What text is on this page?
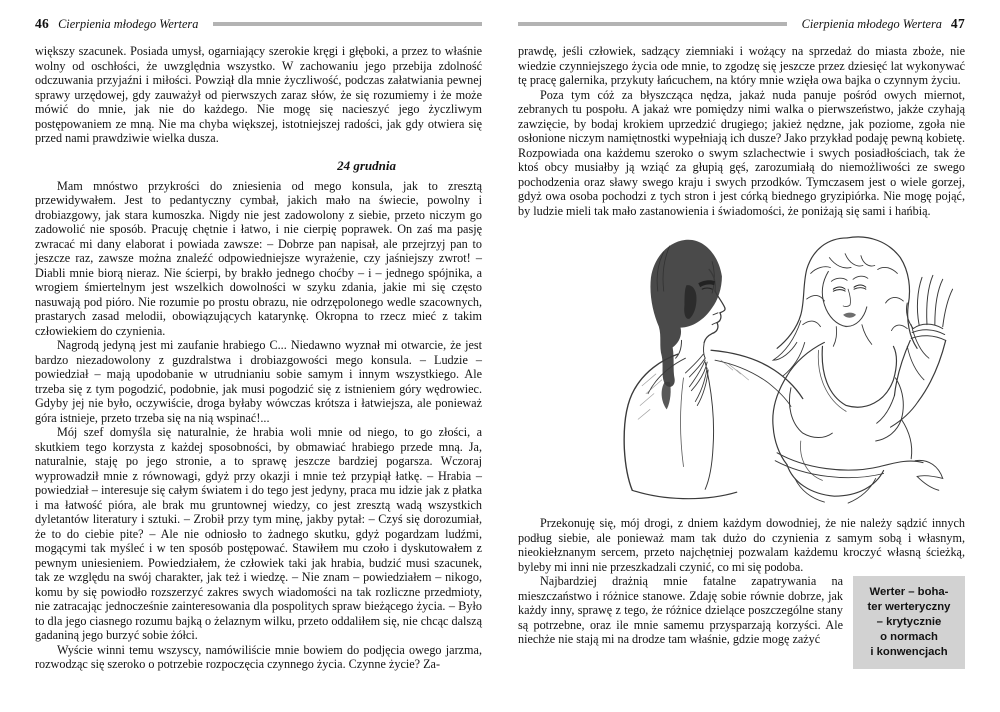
46 Cierpienia młodego Wertera

większy szacunek. Posiada umysł, ogarniający szerokie kręgi i głęboki, a przez to właśnie wolny od oschłości, że uwzględnia wszystko. W zachowaniu jego przebija zdolność odczuwania przyjaźni i miłości. Powziął dla mnie życzliwość, podczas załatwiania pewnej sprawy urzędowej, gdy zauważył od pierwszych zaraz słów, że się rozumiemy i że może mówić do mnie, jak nie do każdego. Nie mogę się nacieszyć jego życzliwym postępowaniem ze mną. Nie ma chyba większej, istotniejszej radości, jak gdy otwiera się przed nami prawdziwie wielka dusza.

24 grudnia

Mam mnóstwo przykrości do zniesienia od mego konsula, jak to zresztą przewidywałem. Jest to pedantyczny cymbał, jakich mało na świecie, powolny i drobiazgowy, jak stara kumoszka. Nigdy nie jest zadowolony z siebie, przeto niczym go zadowolić nie sposób. Pracuję chętnie i łatwo, i nie cierpię poprawek. On zaś ma pasję zwracać mi dany elaborat i powiada zawsze: – Dobrze pan napisał, ale przejrzyj pan to jeszcze raz, zawsze można znaleźć odpowiedniejsze wyrażenie, czy jaśniejszy zwrot! – Diabli mnie biorą nieraz. Nie ścierpi, by brakło jednego choćby – i – jednego spójnika, a wrogiem śmiertelnym jest wszelkich dowolności w szyku zdania, jakie mi się często nasuwają pod pióro. Nie rozumie po prostu obrazu, nie odrzępolonego wedle szacownych, prastarych zasad melodii, obowiązujących katarynkę. Okropna to rzecz mieć z takim człowiekiem do czynienia.

Nagrodą jedyną jest mi zaufanie hrabiego C... Niedawno wyznał mi otwarcie, że jest bardzo niezadowolony z guzdralstwa i drobiazgowości mego konsula. – Ludzie – powiedział – mają upodobanie w utrudnianiu sobie samym i innym wszystkiego. Ale trzeba się z tym pogodzić, podobnie, jak musi pogodzić się z istnieniem góry wędrowiec. Gdyby jej nie było, oczywiście, droga byłaby wówczas krótsza i łatwiejsza, ale ponieważ góra istnieje, przeto trzeba się na nią wspinać!...

Mój szef domyśla się naturalnie, że hrabia woli mnie od niego, to go złości, a skutkiem tego korzysta z każdej sposobności, by obmawiać hrabiego przede mną. Ja, naturalnie, staję po jego stronie, a to sprawę jeszcze bardziej pogarsza. Wczoraj wyprowadził mnie z równowagi, gdyż przy okazji i mnie też przypiął łatkę. – Hrabia – powiedział – interesuje się całym światem i do tego jest jedyny, praca mu idzie jak z płatka i ma łatwość pióra, ale brak mu gruntownej wiedzy, co jest zresztą wadą wszystkich dyletantów literatury i sztuki. – Zrobił przy tym minę, jakby pytał: – Czyś się dorozumiał, że to do ciebie pite? – Ale nie odniosło to żadnego skutku, gdyż pogardzam ludźmi, mogącymi tak myśleć i w ten sposób postępować. Stawiłem mu czoło i dyskutowałem z pewnym uniesieniem. Powiedziałem, że człowiek taki jak hrabia, budzić musi szacunek, tak ze względu na swój charakter, jak też i wiedzę. – Nie znam – powiedziałem – nikogo, komu by się powiodło rozszerzyć zakres swych wiadomości na tak rozliczne przedmioty, nie zatracając jednocześnie zainteresowania dla pospolitych spraw bieżącego życia. – Było to dla jego ciasnego rozumu bajką o żelaznym wilku, przeto oddaliłem się, nie chcąc dalszą gadaniną jego burzyć sobie żółci.

Wyście winni temu wszyscy, namówiliście mnie bowiem do podjęcia owego jarzma, rozwodząc się szeroko o potrzebie rozpoczęcia czynnego życia. Czynne życie? Za-

Cierpienia młodego Wertera 47

prawdę, jeśli człowiek, sadzący ziemniaki i wożący na sprzedaż do miasta zboże, nie wiedzie czynniejszego życia ode mnie, to zgodzę się jeszcze przez dziesięć lat wykonywać tę pracę galernika, przykuty łańcuchem, na który mnie wzięła owa bajka o czynnym życiu.

Poza tym cóż za błyszcząca nędza, jakaż nuda panuje pośród owych miernot, zebranych tu pospołu. A jakaż wre pomiędzy nimi walka o pierwszeństwo, jakże czyhają zawzięcie, by bodaj krokiem uprzedzić drugiego; jakież nędzne, jak poziome, zgoła nie osłonione niczym namiętnostki wypełniają ich dusze? Jako przykład podaję pewną kobietę. Rozpowiada ona każdemu szeroko o swym szlachectwie i swych posiadłościach, tak że ktoś obcy musiałby ją wziąć za głupią gęś, zarozumiałą do niemożliwości ze swego pochodzenia oraz sławy swego kraju i swych przodków. Tymczasem jest o wiele gorzej, gdyż owa osoba pochodzi z tych stron i jest córką biednego gryzipiórka. Nie mogę pojąć, by ludzie mieli tak mało zastanowienia i świadomości, że poniżają się sami i hańbią.

Przekonuję się, mój drogi, z dniem każdym dowodniej, że nie należy sądzić innych podług siebie, ale ponieważ mam tak dużo do czynienia z samym sobą i własnym, nieokiełznanym sercem, przeto najchętniej pozwalam każdemu kroczyć własną ścieżką, byleby mi inni nie przeszkadzali czynić, co mi się podoba.

Werter – boha-
ter werteryczny
– krytycznie
o normach
i konwencjach
Najbardziej drażnią mnie fatalne zapatrywania na mieszczaństwo i różnice stanowe. Zdaję sobie równie dobrze, jak każdy inny, sprawę z tego, że różnice dzielące poszczególne stany są potrzebne, oraz ile mnie samemu przysparzają korzyści. Ale niechże nie stają mi na drodze tam właśnie, gdzie mogę zażyć
